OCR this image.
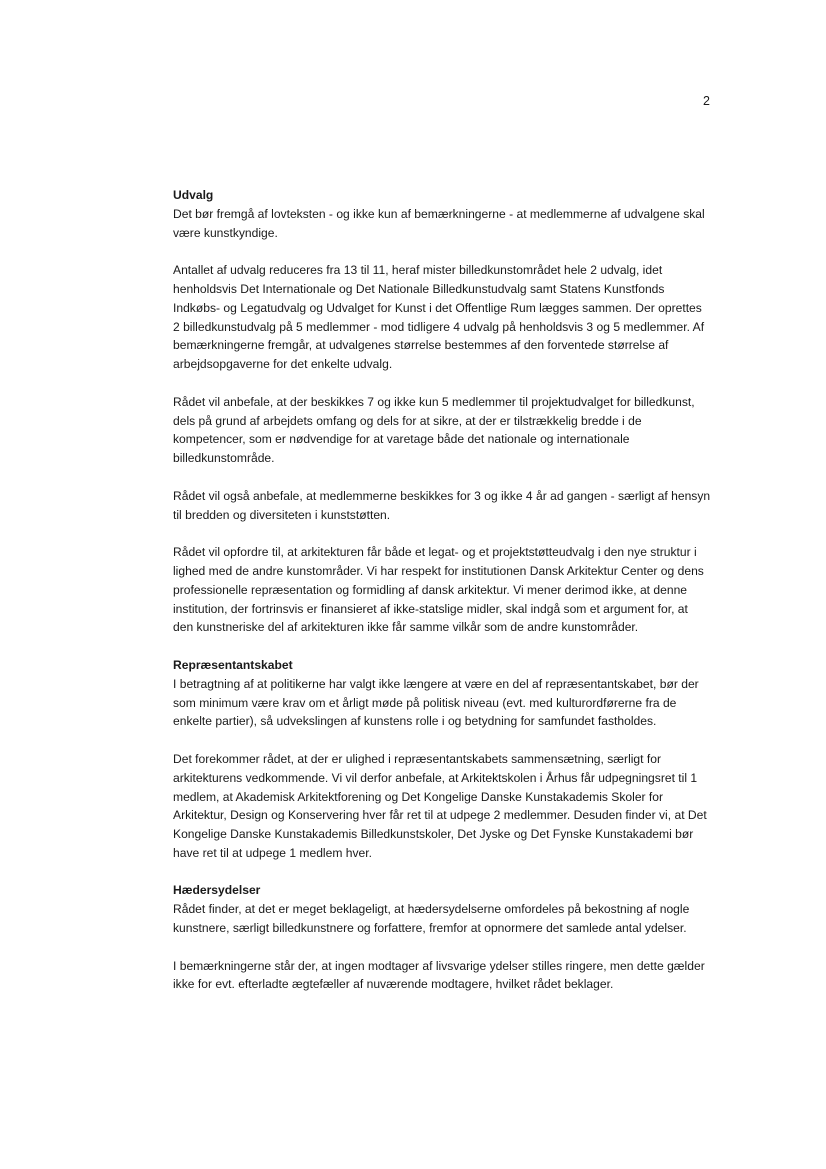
2

Udvalg

Det bør fremgå af lovteksten - og ikke kun af bemærkningerne - at medlemmerne af udvalgene skal være kunstkyndige.

Antallet af udvalg reduceres fra 13 til 11, heraf mister billedkunstområdet hele 2 udvalg, idet henholdsvis Det Internationale og Det Nationale Billedkunstudvalg samt Statens Kunstfonds Indkøbs- og Legatudvalg og Udvalget for Kunst i det Offentlige Rum lægges sammen. Der oprettes 2 billedkunstudvalg på 5 medlemmer - mod tidligere 4 udvalg på henholdsvis 3 og 5 medlemmer. Af bemærkningerne fremgår, at udvalgenes størrelse bestemmes af den forventede størrelse af arbejdsopgaverne for det enkelte udvalg.

Rådet vil anbefale, at der beskikkes 7 og ikke kun 5 medlemmer til projektudvalget for billedkunst, dels på grund af arbejdets omfang og dels for at sikre, at der er tilstrækkelig bredde i de kompetencer, som er nødvendige for at varetage både det nationale og internationale billedkunstområde.

Rådet vil også anbefale, at medlemmerne beskikkes for 3 og ikke 4 år ad gangen - særligt af hensyn til bredden og diversiteten i kunststøtten.

Rådet vil opfordre til, at arkitekturen får både et legat- og et projektstøtteudvalg i den nye struktur i lighed med de andre kunstområder. Vi har respekt for institutionen Dansk Arkitektur Center og dens professionelle repræsentation og formidling af dansk arkitektur. Vi mener derimod ikke, at denne institution, der fortrinsvis er finansieret af ikke-statslige midler, skal indgå som et argument for, at den kunstneriske del af arkitekturen ikke får samme vilkår som de andre kunstområder.

Repræsentantskabet

I betragtning af at politikerne har valgt ikke længere at være en del af repræsentantskabet, bør der som minimum være krav om et årligt møde på politisk niveau (evt. med kulturordførerne fra de enkelte partier), så udvekslingen af kunstens rolle i og betydning for samfundet fastholdes.

Det forekommer rådet, at der er ulighed i repræsentantskabets sammensætning, særligt for arkitekturens vedkommende. Vi vil derfor anbefale, at Arkitektskolen i Århus får udpegningsret til 1 medlem, at Akademisk Arkitektforening og Det Kongelige Danske Kunstakademis Skoler for Arkitektur, Design og Konservering hver får ret til at udpege 2 medlemmer. Desuden finder vi, at Det Kongelige Danske Kunstakademis Billedkunstskoler, Det Jyske og Det Fynske Kunstakademi bør have ret til at udpege 1 medlem hver.

Hædersydelser

Rådet finder, at det er meget beklageligt, at hædersydelserne omfordeles på bekostning af nogle kunstnere, særligt billedkunstnere og forfattere, fremfor at opnormere det samlede antal ydelser.

I bemærkningerne står der, at ingen modtager af livsvarige ydelser stilles ringere, men dette gælder ikke for evt. efterladte ægtefæller af nuværende modtagere, hvilket rådet beklager.
